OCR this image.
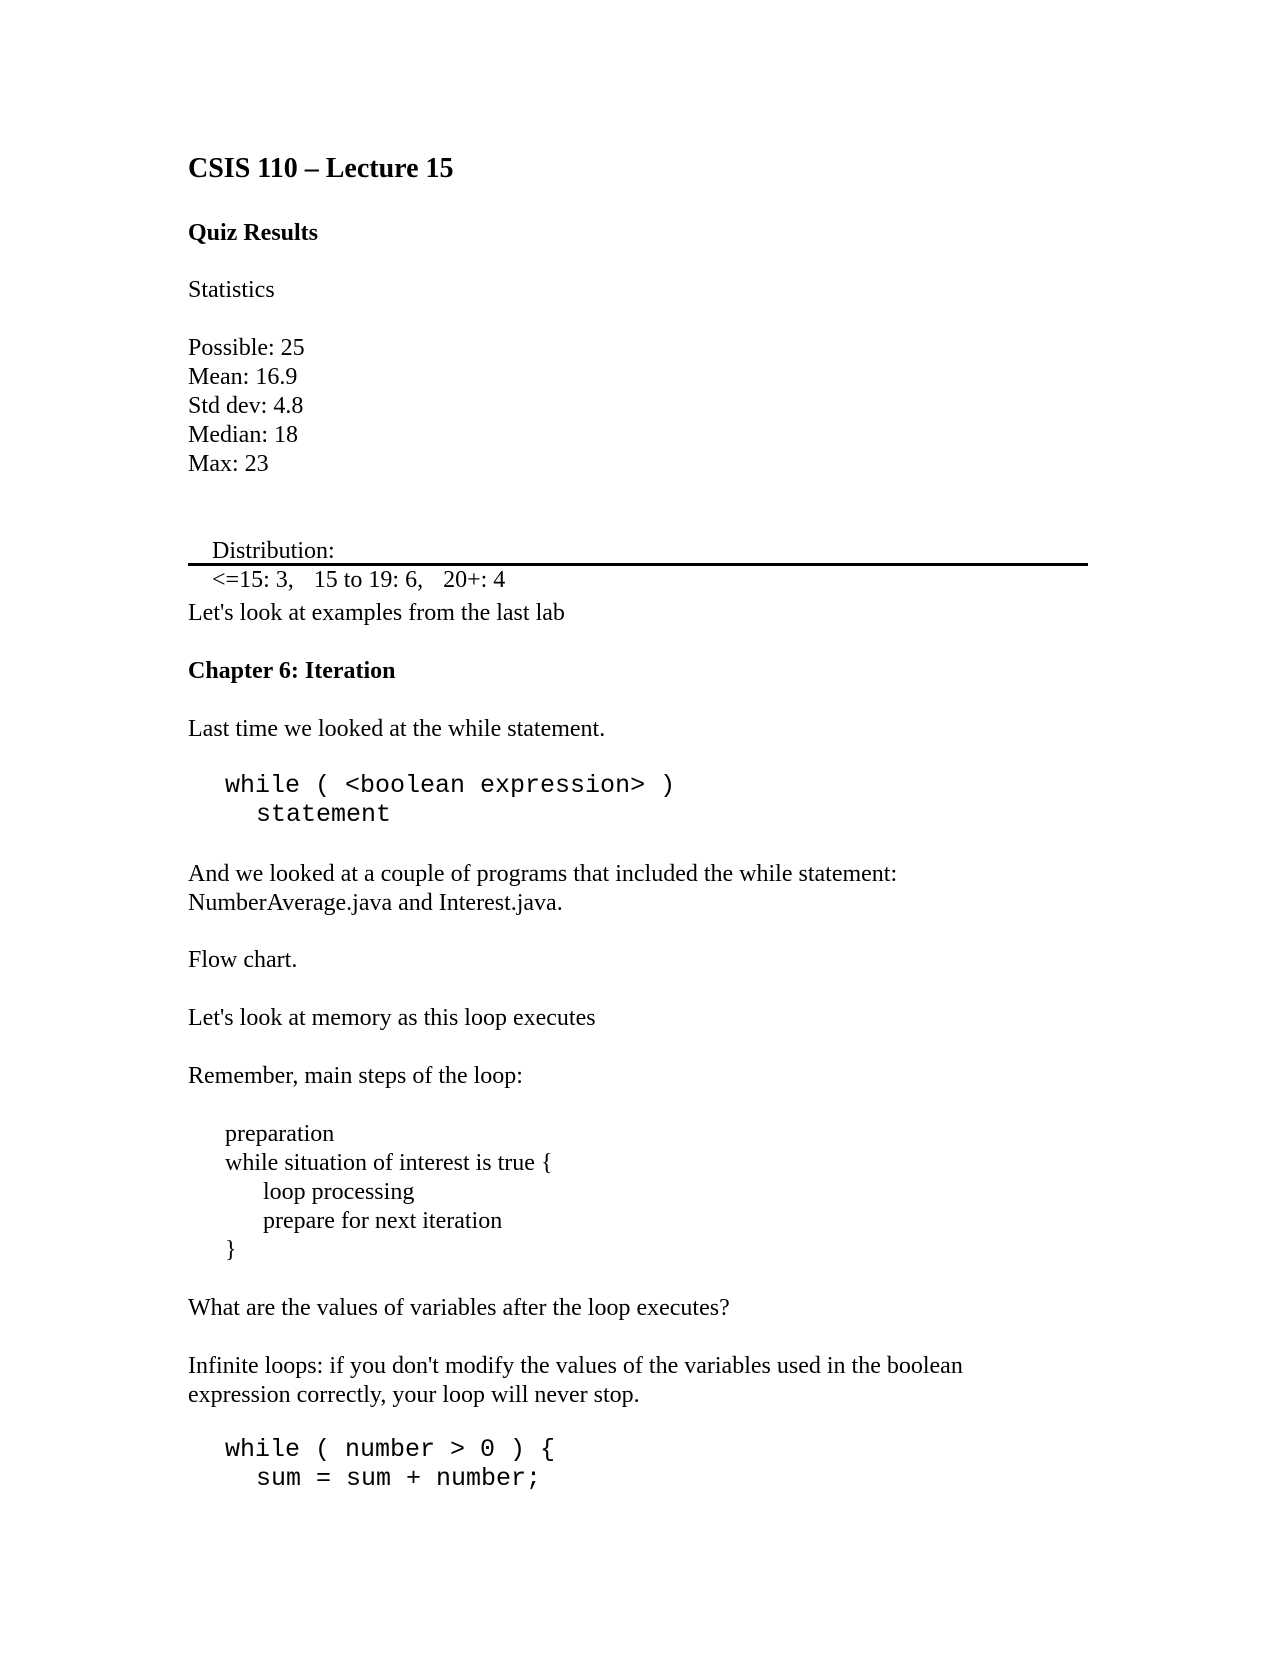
CSIS 110 – Lecture 15
Quiz Results
Statistics
Possible: 25
Mean: 16.9
Std dev: 4.8
Median: 18
Max: 23

Distribution:
<=15: 3, 15 to 19: 6, 20+: 4

Let's look at examples from the last lab
Chapter 6: Iteration
Last time we looked at the while statement.
while ( <boolean expression> )
statement
And we looked at a couple of programs that included the while statement:
NumberAverage.java and Interest.java.
Flow chart.
Let's look at memory as this loop executes
Remember, main steps of the loop:
preparation
while situation of interest is true {
loop processing
prepare for next iteration
}
What are the values of variables after the loop executes?
Infinite loops: if you don't modify the values of the variables used in the boolean
expression correctly, your loop will never stop.
while ( number > 0 ) {
sum = sum + number;
